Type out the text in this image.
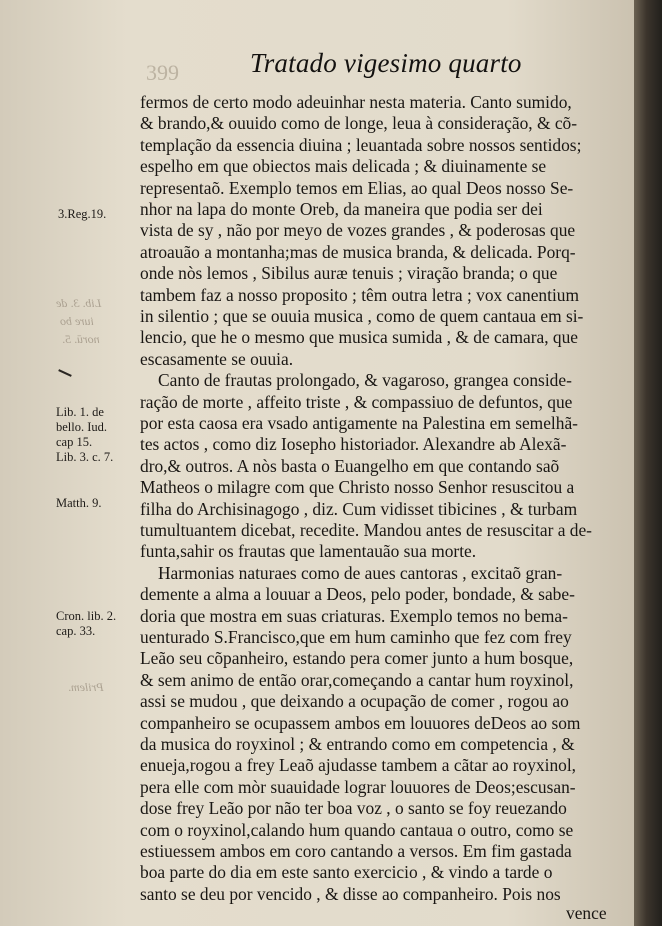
399	Tratado vigesimo quarto
Lib. 3. de
iure bo
norū. 5.
Prilem.
3.Reg.19.
Lib. 1. de
bello. Iud.
cap 15.
Lib. 3. c. 7.
Matth. 9.
Cron. lib. 2.
cap. 33.
fermos de certo modo adeuinhar nesta materia. Canto sumido,
& brando,& ouuido como de longe, leua à consideração, & cõ-
templação da essencia diuina ; leuantada sobre nossos sentidos;
espelho em que obiectos mais delicada ; & diuinamente se
representaõ. Exemplo temos em Elias, ao qual Deos nosso Se-
nhor na lapa do monte Oreb, da maneira que podia ser dei
vista de sy , não por meyo de vozes grandes , & poderosas que
atroauão a montanha;mas de musica branda, & delicada. Porq-
onde nòs lemos , Sibilus auræ tenuis ; viração branda; o que
tambem faz a nosso proposito ; têm outra letra ; vox canentium
in silentio ; que se ouuia musica , como de quem cantaua em si-
lencio, que he o mesmo que musica sumida , & de camara, que
escasamente se ouuia.
Canto de frautas prolongado, & vagaroso, grangea conside-
ração de morte , affeito triste , & compassiuo de defuntos, que
por esta caosa era vsado antigamente na Palestina em semelhã-
tes actos , como diz Iosepho historiador. Alexandre ab Alexã-
dro,& outros. A nòs basta o Euangelho em que contando saõ
Matheos o milagre com que Christo nosso Senhor resuscitou a
filha do Archisinagogo , diz. Cum vidisset tibicines , & turbam
tumultuantem dicebat, recedite. Mandou antes de resuscitar a de-
funta,sahir os frautas que lamentauão sua morte.
Harmonias naturaes como de aues cantoras , excitaõ gran-
demente a alma a louuar a Deos, pelo poder, bondade, & sabe-
doria que mostra em suas criaturas. Exemplo temos no bema-
uenturado S.Francisco,que em hum caminho que fez com frey
Leão seu cõpanheiro, estando pera comer junto a hum bosque,
& sem animo de então orar,começando a cantar hum royxinol,
assi se mudou , que deixando a ocupação de comer , rogou ao
companheiro se ocupassem ambos em louuores deDeos ao som
da musica do royxinol ; & entrando como em competencia , &
enueja,rogou a frey Leaõ ajudasse tambem a cãtar ao royxinol,
pera elle com mòr suauidade lograr louuores de Deos;escusan-
dose frey Leão por não ter boa voz , o santo se foy reuezando
com o royxinol,calando hum quando cantaua o outro, como se
estiuessem ambos em coro cantando a versos. Em fim gastada
boa parte do dia em este santo exercicio , & vindo a tarde o
santo se deu por vencido , & disse ao companheiro. Pois nos
vence
